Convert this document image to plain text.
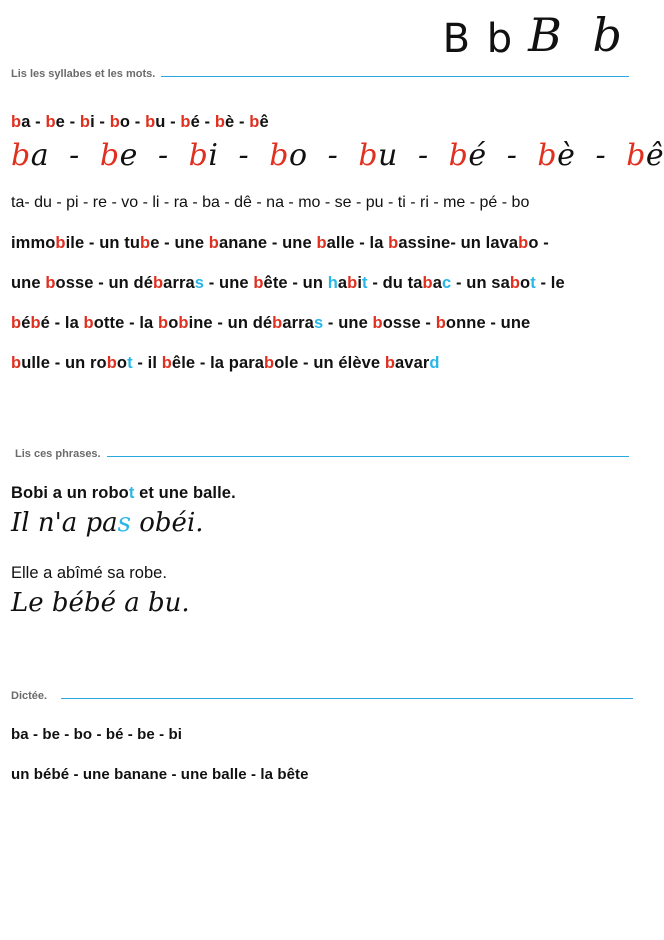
B b B b
Lis les syllabes et les mots.
ba - be - bi - bo - bu - bé - bè - bê
ba  -  be  -  bi  -  bo  -  bu  -  bé  -  bè  -  bê
ta- du - pi - re - vo - li - ra - ba - dê - na - mo - se - pu - ti - ri - me - pé - bo
immobile - un tube - une banane - une balle - la bassine- un lavabo -
une bosse - un débarras - une bête - un habit - du tabac - un sabot - le
bébé - la botte - la bobine - un débarras - une bosse - bonne - une
bulle - un robot - il bêle - la parabole - un élève bavard
Lis ces phrases.
Bobi a un robot et une balle.
Il n'a pas obéi.
Elle a abîmé sa robe.
Le bébé a bu.
Dictée.
ba - be - bo - bé - be - bi
un bébé - une banane - une balle - la bête
